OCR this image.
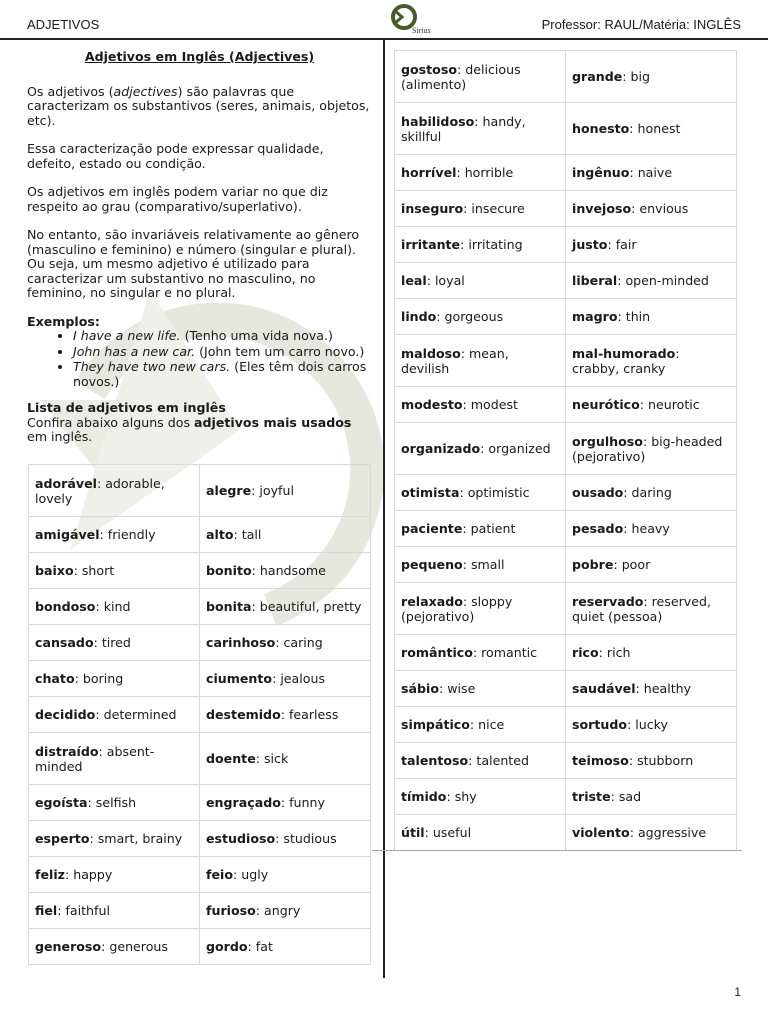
ADJETIVOS	Sirius	Professor: RAUL/Matéria: INGLÊS
Adjetivos em Inglês (Adjectives)

Os adjetivos (adjectives) são palavras que caracterizam os substantivos (seres, animais, objetos, etc).

Essa caracterização pode expressar qualidade, defeito, estado ou condição.

Os adjetivos em inglês podem variar no que diz respeito ao grau (comparativo/superlativo).

No entanto, são invariáveis relativamente ao gênero (masculino e feminino) e número (singular e plural). Ou seja, um mesmo adjetivo é utilizado para caracterizar um substantivo no masculino, no feminino, no singular e no plural.

Exemplos:
• I have a new life. (Tenho uma vida nova.)
• John has a new car. (John tem um carro novo.)
• They have two new cars. (Eles têm dois carros novos.)
Lista de adjetivos em inglês
Confira abaixo alguns dos adjetivos mais usados em inglês.
adorável: adorable, lovely	alegre: joyful

amigável: friendly	alto: tall

baixo: short	bonito: handsome

bondoso: kind	bonita: beautiful, pretty

cansado: tired	carinhoso: caring

chato: boring	ciumento: jealous

decidido: determined	destemido: fearless

distraído: absent-minded	doente: sick

egoísta: selfish	engraçado: funny

esperto: smart, brainy	estudioso: studious

feliz: happy	feio: ugly

fiel: faithful	furioso: angry

generoso: generous	gordo: fat
gostoso: delicious (alimento)	grande: big

habilidoso: handy, skillful	honesto: honest

horrível: horrible	ingênuo: naive

inseguro: insecure	invejoso: envious

irritante: irritating	justo: fair

leal: loyal	liberal: open-minded

lindo: gorgeous	magro: thin

maldoso: mean, devilish	mal-humorado: crabby, cranky

modesto: modest	neurótico: neurotic

organizado: organized	orgulhoso: big-headed (pejorativo)

otimista: optimistic	ousado: daring

paciente: patient	pesado: heavy

pequeno: small	pobre: poor

relaxado: sloppy (pejorativo)	reservado: reserved, quiet (pessoa)

romântico: romantic	rico: rich

sábio: wise	saudável: healthy

simpático: nice	sortudo: lucky

talentoso: talented	teimoso: stubborn

tímido: shy	triste: sad

útil: useful	violento: aggressive
1
